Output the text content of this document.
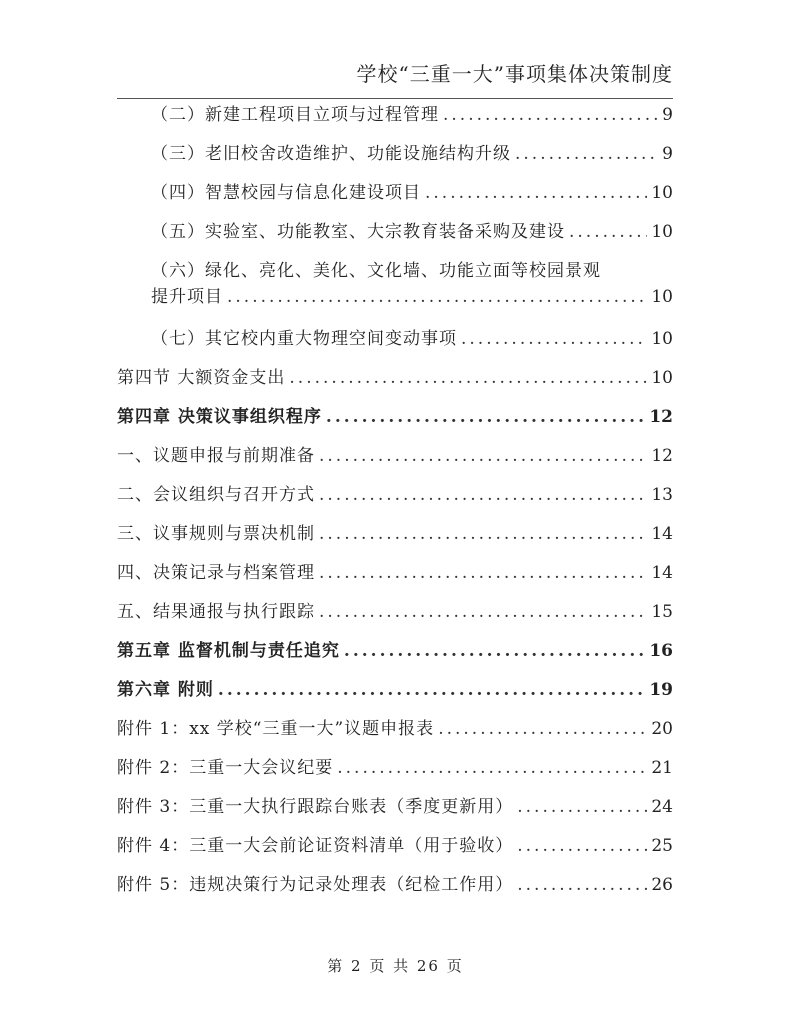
学校“三重一大”事项集体决策制度
（二）新建工程项目立项与过程管理 .....	9
（三）老旧校舍改造维护、功能设施结构升级 .....	9
（四）智慧校园与信息化建设项目 .....	10
（五）实验室、功能教室、大宗教育装备采购及建设 .....	10
（六）绿化、亮化、美化、文化墙、功能立面等校园景观
提升项目 .....	10
（七）其它校内重大物理空间变动事项 .....	10
第四节 大额资金支出 .....	10
第四章 决策议事组织程序 .....	12
一、议题申报与前期准备 .....	12
二、会议组织与召开方式 .....	13
三、议事规则与票决机制 .....	14
四、决策记录与档案管理 .....	14
五、结果通报与执行跟踪 .....	15
第五章 监督机制与责任追究 .....	16
第六章 附则 .....	19
附件 1：xx 学校“三重一大”议题申报表 .....	20
附件 2：三重一大会议纪要 .....	21
附件 3：三重一大执行跟踪台账表（季度更新用） .....	24
附件 4：三重一大会前论证资料清单（用于验收） .....	25
附件 5：违规决策行为记录处理表（纪检工作用） .....	26
第 2 页 共 26 页
